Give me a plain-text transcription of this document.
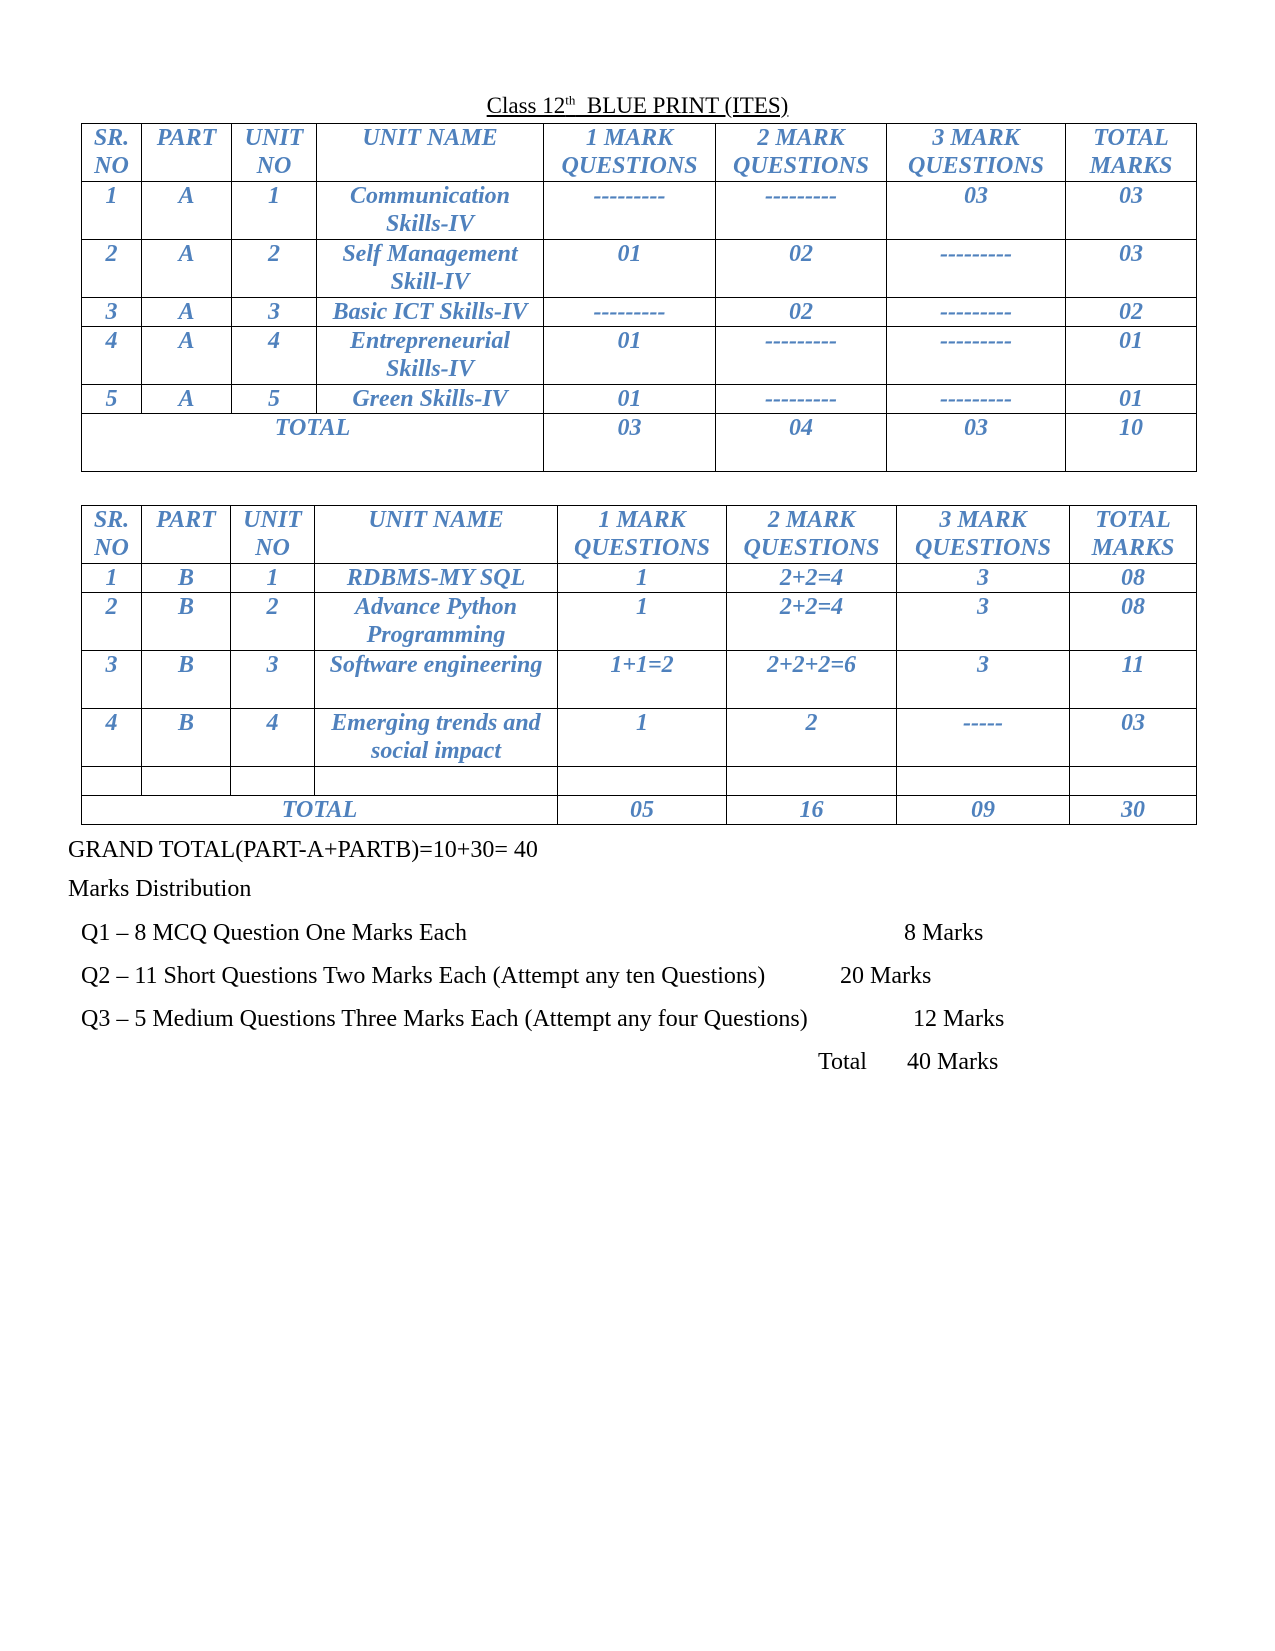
Class 12th  BLUE PRINT (ITES)
SR. NO	PART	UNIT NO	UNIT NAME	1 MARK QUESTIONS	2 MARK QUESTIONS	3 MARK QUESTIONS	TOTAL MARKS
1	A	1	Communication Skills-IV	---------	---------	03	03
2	A	2	Self Management Skill-IV	01	02	---------	03
3	A	3	Basic ICT Skills-IV	---------	02	---------	02
4	A	4	Entrepreneurial Skills-IV	01	---------	---------	01
5	A	5	Green Skills-IV	01	---------	---------	01
TOTAL				03	04	03	10
SR. NO	PART	UNIT NO	UNIT NAME	1 MARK QUESTIONS	2 MARK QUESTIONS	3 MARK QUESTIONS	TOTAL MARKS
1	B	1	RDBMS-MY SQL	1	2+2=4	3	08
2	B	2	Advance Python Programming	1	2+2=4	3	08
3	B	3	Software engineering	1+1=2	2+2+2=6	3	11
4	B	4	Emerging trends and social impact	1	2	-----	03

TOTAL				05	16	09	30
GRAND TOTAL(PART-A+PARTB)=10+30= 40
Marks Distribution
Q1 – 8 MCQ Question One Marks Each	8 Marks
Q2 – 11 Short Questions Two Marks Each (Attempt any ten Questions)	20 Marks
Q3 – 5 Medium Questions Three Marks Each (Attempt any four Questions)	12 Marks
Total 40 Marks
